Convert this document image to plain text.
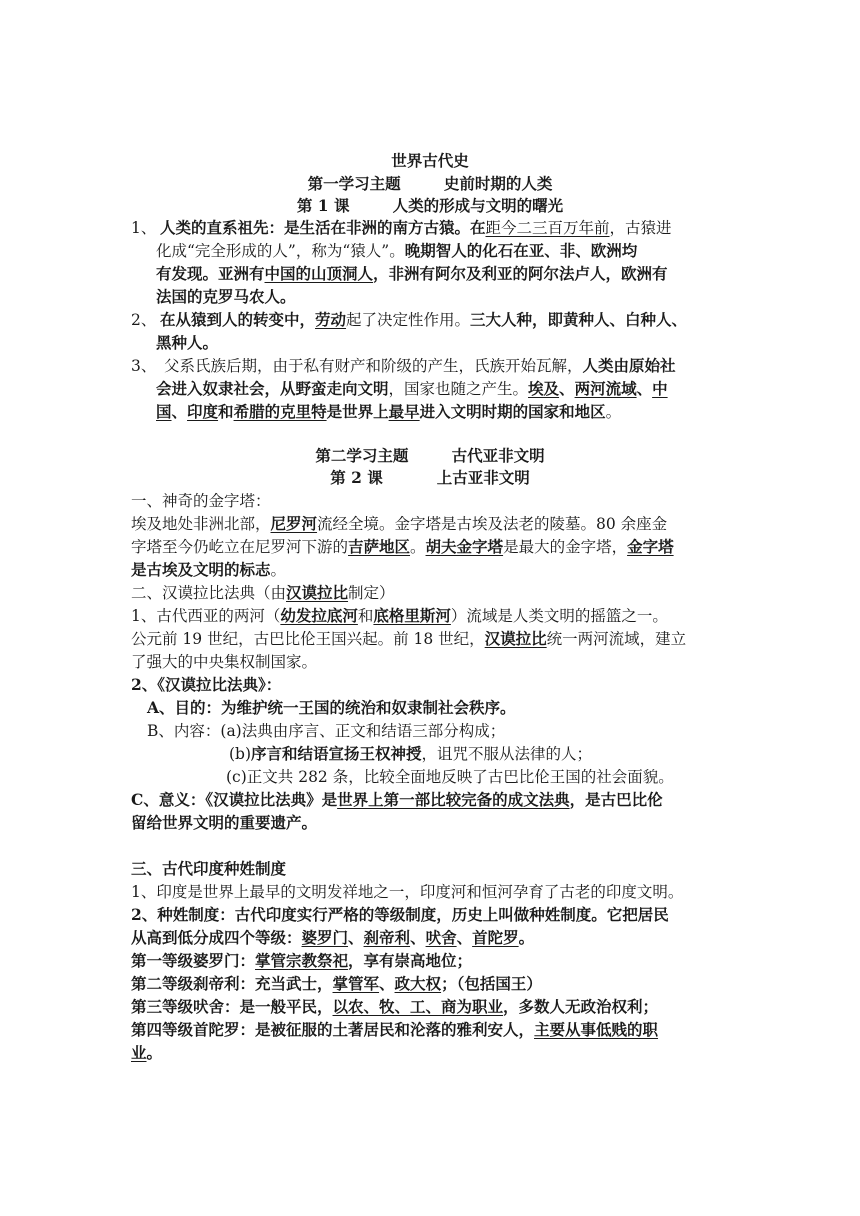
世界古代史
第一学习主题        史前时期的人类
第 1 课        人类的形成与文明的曙光
1、 人类的直系祖先：是生活在非洲的南方古猿。在距今二三百万年前，古猿进
化成“完全形成的人”，称为“猿人”。晚期智人的化石在亚、非、欧洲均
有发现。亚洲有中国的山顶洞人，非洲有阿尔及利亚的阿尔法卢人，欧洲有
法国的克罗马农人。
2、 在从猿到人的转变中，劳动起了决定性作用。三大人种，即黄种人、白种人、
黑种人。
3、 父系氏族后期，由于私有财产和阶级的产生，氏族开始瓦解，人类由原始社
会进入奴隶社会，从野蛮走向文明，国家也随之产生。埃及、两河流域、中
国、印度和希腊的克里特是世界上最早进入文明时期的国家和地区。
第二学习主题        古代亚非文明
第 2 课          上古亚非文明
一、神奇的金字塔：
埃及地处非洲北部，尼罗河流经全境。金字塔是古埃及法老的陵墓。80 余座金
字塔至今仍屹立在尼罗河下游的吉萨地区。胡夫金字塔是最大的金字塔，金字塔
是古埃及文明的标志。
二、汉谟拉比法典（由汉谟拉比制定）
1、古代西亚的两河（幼发拉底河和底格里斯河）流域是人类文明的摇篮之一。
公元前 19 世纪，古巴比伦王国兴起。前 18 世纪，汉谟拉比统一两河流域，建立
了强大的中央集权制国家。
2、《汉谟拉比法典》：
A、目的：为维护统一王国的统治和奴隶制社会秩序。
B、内容：(a)法典由序言、正文和结语三部分构成；
(b)序言和结语宣扬王权神授，诅咒不服从法律的人；
(c)正文共 282 条，比较全面地反映了古巴比伦王国的社会面貌。
C、意义：《汉谟拉比法典》是世界上第一部比较完备的成文法典，是古巴比伦
留给世界文明的重要遗产。
三、古代印度种姓制度
1、印度是世界上最早的文明发祥地之一，印度河和恒河孕育了古老的印度文明。
2、种姓制度：古代印度实行严格的等级制度，历史上叫做种姓制度。它把居民
从高到低分成四个等级：婆罗门、刹帝利、吠舍、首陀罗。
第一等级婆罗门：掌管宗教祭祀，享有崇高地位；
第二等级刹帝利：充当武士，掌管军、政大权；（包括国王）
第三等级吠舍：是一般平民，以农、牧、工、商为职业，多数人无政治权利；
第四等级首陀罗：是被征服的土著居民和沦落的雅利安人，主要从事低贱的职
业。
